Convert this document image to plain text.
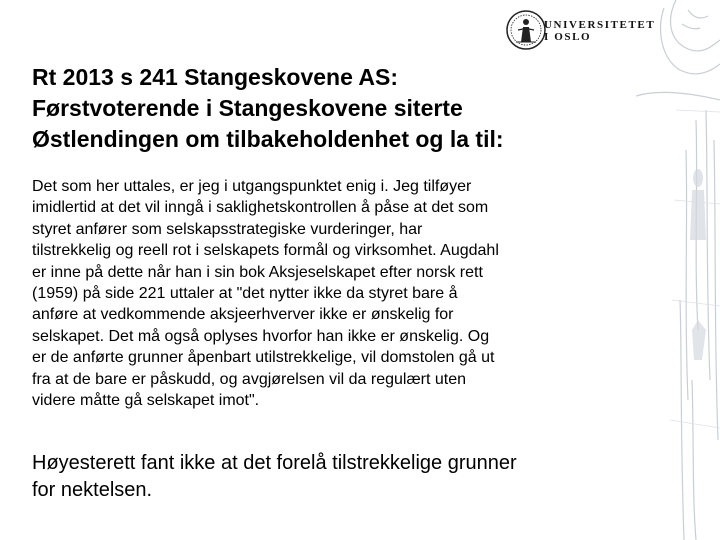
UNIVERSITETET
I OSLO
Rt 2013 s 241 Stangeskovene AS:
Førstvoterende i Stangeskovene siterte
Østlendingen om tilbakeholdenhet og la til:
Det som her uttales, er jeg i utgangspunktet enig i. Jeg tilføyer
imidlertid at det vil inngå i saklighetskontrollen å påse at det som
styret anfører som selskapsstrategiske vurderinger, har
tilstrekkelig og reell rot i selskapets formål og virksomhet. Augdahl
er inne på dette når han i sin bok Aksjeselskapet efter norsk rett
(1959) på side 221 uttaler at "det nytter ikke da styret bare å
anføre at vedkommende aksjeerhverver ikke er ønskelig for
selskapet. Det må også oplyses hvorfor han ikke er ønskelig. Og
er de anførte grunner åpenbart utilstrekkelige, vil domstolen gå ut
fra at de bare er påskudd, og avgjørelsen vil da regulært uten
videre måtte gå selskapet imot".
Høyesterett fant ikke at det forelå tilstrekkelige grunner
for nektelsen.
